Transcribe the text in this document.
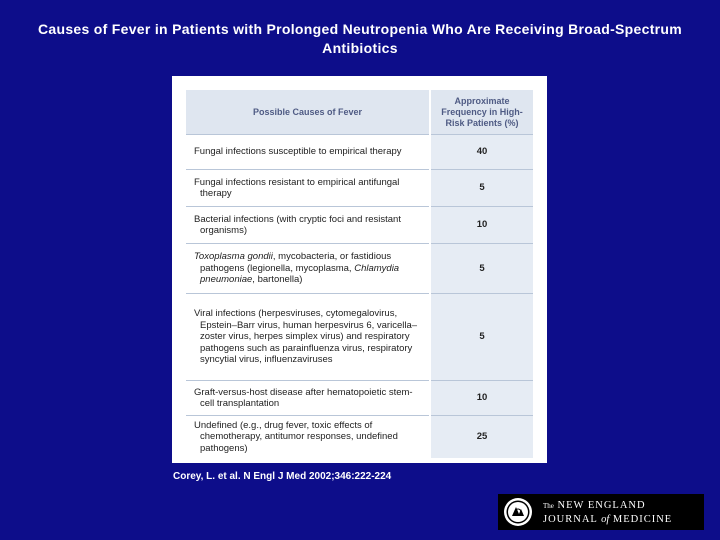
Causes of Fever in Patients with Prolonged Neutropenia Who Are Receiving Broad-Spectrum Antibiotics
Possible Causes of Fever	Approximate Frequency in High-Risk Patients (%)
Fungal infections susceptible to empirical therapy	40
Fungal infections resistant to empirical antifungal therapy	5
Bacterial infections (with cryptic foci and resistant organisms)	10
Toxoplasma gondii, mycobacteria, or fastidious pathogens (legionella, mycoplasma, Chlamydia pneumoniae, bartonella)	5
Viral infections (herpesviruses, cytomegalovirus, Epstein–Barr virus, human herpesvirus 6, varicella–zoster virus, herpes simplex virus) and respiratory pathogens such as parainfluenza virus, respiratory syncytial virus, influenzaviruses	5
Graft-versus-host disease after hematopoietic stem-cell transplantation	10
Undefined (e.g., drug fever, toxic effects of chemotherapy, antitumor responses, undefined pathogens)	25
Corey, L. et al. N Engl J Med 2002;346:222-224
The NEW ENGLAND
JOURNAL of MEDICINE
